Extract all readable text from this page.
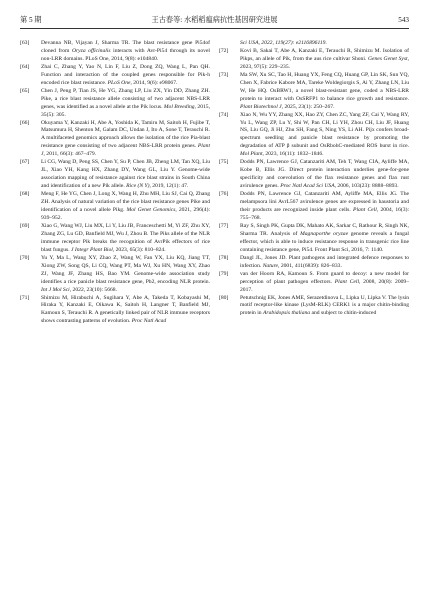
第 5 期	王古春等: 水稻稻瘟病抗性基因研究进展	543
[63] Devanna NB, Vijayan J, Sharma TR. The blast resistance gene Pi54of cloned from Oryza officinalis interacts with Avr-Pi54 through its novel non-LRR domains. PLoS One, 2014, 9(8): e104840.
[64] Zhai C, Zhang Y, Yao N, Lin F, Liu Z, Dong ZQ, Wang L, Pan QH. Function and interaction of the coupled genes responsible for Pik-h encoded rice blast resistance. PLoS One, 2014, 9(6): e98067.
[65] Chen J, Peng P, Tian JS, He YG, Zhang LP, Liu ZX, Yin DD, Zhang ZH. Pike, a rice blast resistance allele consisting of two adjacent NBS-LRR genes, was identified as a novel allele at the Pik locus. Mol Breeding, 2015, 35(5): 305.
[66] Okuyama Y, Kanzaki H, Abe A, Yoshida K, Tamiru M, Saitoh H, Fujibe T, Matsumura H, Shenton M, Galam DC, Undan J, Ito A, Sone T, Terauchi R. A multifaceted genomics approach allows the isolation of the rice Pia-blast resistance gene consisting of two adjacent NBS-LRR protein genes. Plant J, 2011, 66(3): 467–479.
[67] Li CG, Wang D, Peng SS, Chen Y, Su P, Chen JB, Zheng LM, Tan XQ, Liu JL, Xiao YH, Kang HX, Zhang DY, Wang GL, Liu Y. Genome-wide association mapping of resistance against rice blast strains in South China and identification of a new Pik allele. Rice (N Y), 2019, 12(1): 47.
[68] Meng F, He YG, Chen J, Long X, Wang H, Zhu MH, Liu SJ, Cai Q, Zhang ZH. Analysis of natural variation of the rice blast resistance genes Pike and identification of a novel allele Pikg. Mol Genet Genomics, 2021, 296(4): 939–952.
[69] Xiao G, Wang WJ, Liu MX, Li Y, Liu JB, Franceschetti M, Yi ZF, Zhu XY, Zhang ZG, Lu GD, Banfield MJ, Wu J, Zhou B. The Piks allele of the NLR immune receptor Pik breaks the recognition of AvrPik effectors of rice blast fungus. J Integr Plant Biol, 2023, 65(3): 810–824.
[70] Yu Y, Ma L, Wang XY, Zhao Z, Wang W, Fan YX, Liu KQ, Jiang TT, Xiong ZW, Song QS, Li CQ, Wang PT, Ma WJ, Xu HN, Wang XY, Zhao ZJ, Wang JF, Zhang HS, Bao YM. Genome-wide association study identifies a rice panicle blast resistance gene, Pb2, encoding NLR protein. Int J Mol Sci, 2022, 23(10): 5668.
[71] Shimizu M, Hirabuchi A, Sugihara Y, Abe A, Takeda T, Kobayashi M, Hiraka Y, Kanzaki E, Oikawa K, Saitoh H, Langner T, Banfield MJ, Kamoun S, Terauchi R. A genetically linked pair of NLR immune receptors shows contrasting patterns of evolution. Proc Natl Acad
Sci USA, 2022, 119(27): e2116896119.
[72] Kovi B, Sakai T, Abe A, Kanzaki E, Terauchi R, Shimizu M. Isolation of Pikps, an allele of Pik, from the aus rice cultivar Shoni. Genes Genet Syst, 2023, 97(5): 229–235.
[73] Ma SW, Xu SC, Tao H, Huang YX, Feng CQ, Huang GP, Lin SK, Sun YQ, Chen X, Fabrice Kabore MA, Tareke Woldegiorgis S, Ai Y, Zhang LN, Liu W, He HQ. OsBRW1, a novel blast-resistant gene, coded a NBS-LRR protein to interact with OsSRFP1 to balance rice growth and resistance. Plant Biotechnol J, 2025, 23(1): 250–267.
[74] Xiao N, Wu YY, Zhang XX, Hao ZY, Chen ZC, Yang ZF, Cai Y, Wang RY, Yu L, Wang ZP, Lu Y, Shi W, Pan CH, Li YH, Zhou CH, Liu JF, Huang NS, Liu GQ, Ji HJ, Zhu SH, Fang S, Ning YS, Li AH. Pijx confers broad-spectrum seedling and panicle blast resistance by promoting the degradation of ATP β subunit and OsRbohC-mediated ROS burst in rice. Mol Plant, 2023, 16(11): 1832–1846.
[75] Dodds PN, Lawrence GJ, Catanzariti AM, Teh T, Wang CIA, Ayliffe MA, Kobe B, Ellis JG. Direct protein interaction underlies gene-for-gene specificity and coevolution of the flax resistance genes and flax rust avirulence genes. Proc Natl Acad Sci USA, 2006, 103(23): 8888–8893.
[76] Dodds PN, Lawrence GJ, Catanzariti AM, Ayliffe MA, Ellis JG. The melampsora lini AvrL567 avirulence genes are expressed in haustoria and their products are recognized inside plant cells. Plant Cell, 2004, 16(3): 755–768.
[77] Ray S, Singh PK, Gupta DK, Mahato AK, Sarkar C, Rathour R, Singh NK, Sharma TR. Analysis of Magnaporthe oryzae genome reveals a fungal effector, which is able to induce resistance response in transgenic rice line containing resistance gene, Pi54. Front Plant Sci, 2016, 7: 1140.
[78] Dangl JL, Jones JD. Plant pathogens and integrated defence responses to infection. Nature, 2001, 411(6839): 826–833.
[79] van der Hoorn RA, Kamoun S. From guard to decoy: a new model for perception of plant pathogen effectors. Plant Cell, 2008, 20(8): 2009–2017.
[80] Petutschnig EK, Jones AME, Serazetdinova L, Lipka U, Lipka V. The lysin motif receptor-like kinase (LysM-RLK) CERK1 is a major chitin-binding protein in Arabidopsis thaliana and subject to chitin-induced
